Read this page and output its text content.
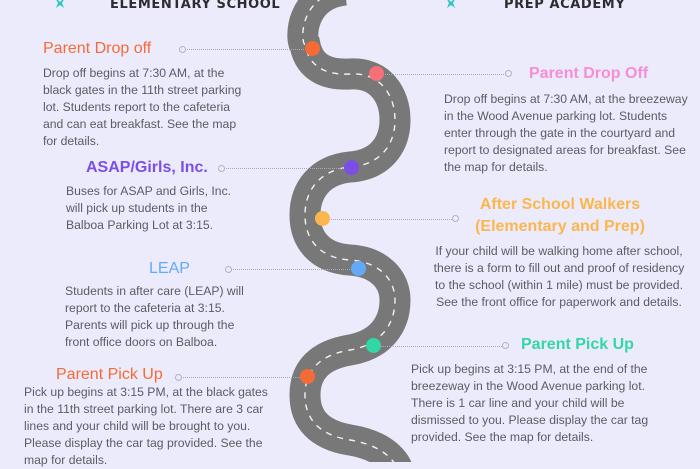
ELEMENTARY SCHOOL	PREP ACADEMY
Parent Drop off
Drop off begins at 7:30 AM, at the black gates in the 11th street parking lot. Students report to the cafeteria and can eat breakfast. See the map for details.
ASAP/Girls, Inc.
Buses for ASAP and Girls, Inc. will pick up students in the Balboa Parking Lot at 3:15.
LEAP
Students in after care (LEAP) will report to the cafeteria at 3:15. Parents will pick up through the front office doors on Balboa.
Parent Pick Up
Pick up begins at 3:15 PM, at the black gates in the 11th street parking lot. There are 3 car lines and your child will be brought to you. Please display the car tag provided. See the map for details.
Parent Drop Off
Drop off begins at 7:30 AM, at the breezeway in the Wood Avenue parking lot. Students enter through the gate in the courtyard and report to designated areas for breakfast. See the map for details.
After School Walkers
(Elementary and Prep)
If your child will be walking home after school, there is a form to fill out and proof of residency to the school (within 1 mile) must be provided. See the front office for paperwork and details.
Parent Pick Up
Pick up begins at 3:15 PM, at the end of the breezeway in the Wood Avenue parking lot. There is 1 car line and your child will be dismissed to you. Please display the car tag provided. See the map for details.
